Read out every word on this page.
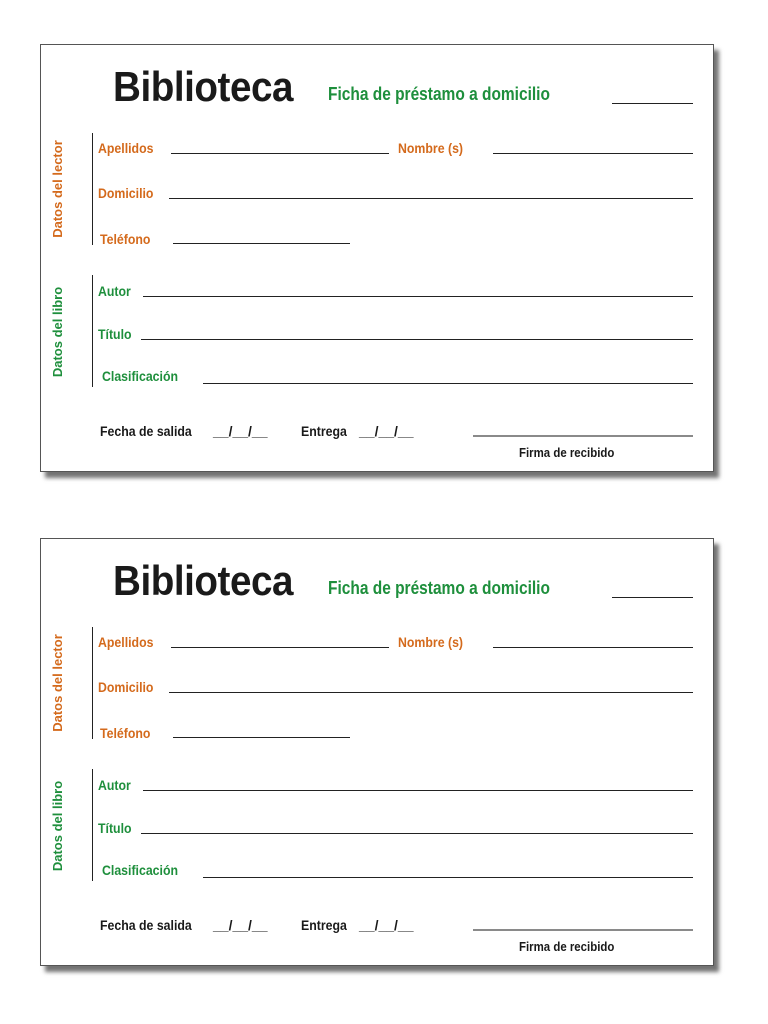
Biblioteca Ficha de préstamo a domicilio
Datos del lector	Apellidos	Nombre (s)
Domicilio
Teléfono
Datos del libro	Autor
Título
Clasificación
Fecha de salida __/__/__ Entrega __/__/__
Firma de recibido
Biblioteca Ficha de préstamo a domicilio
Datos del lector	Apellidos	Nombre (s)
Domicilio
Teléfono
Datos del libro	Autor
Título
Clasificación
Fecha de salida __/__/__ Entrega __/__/__
Firma de recibido
